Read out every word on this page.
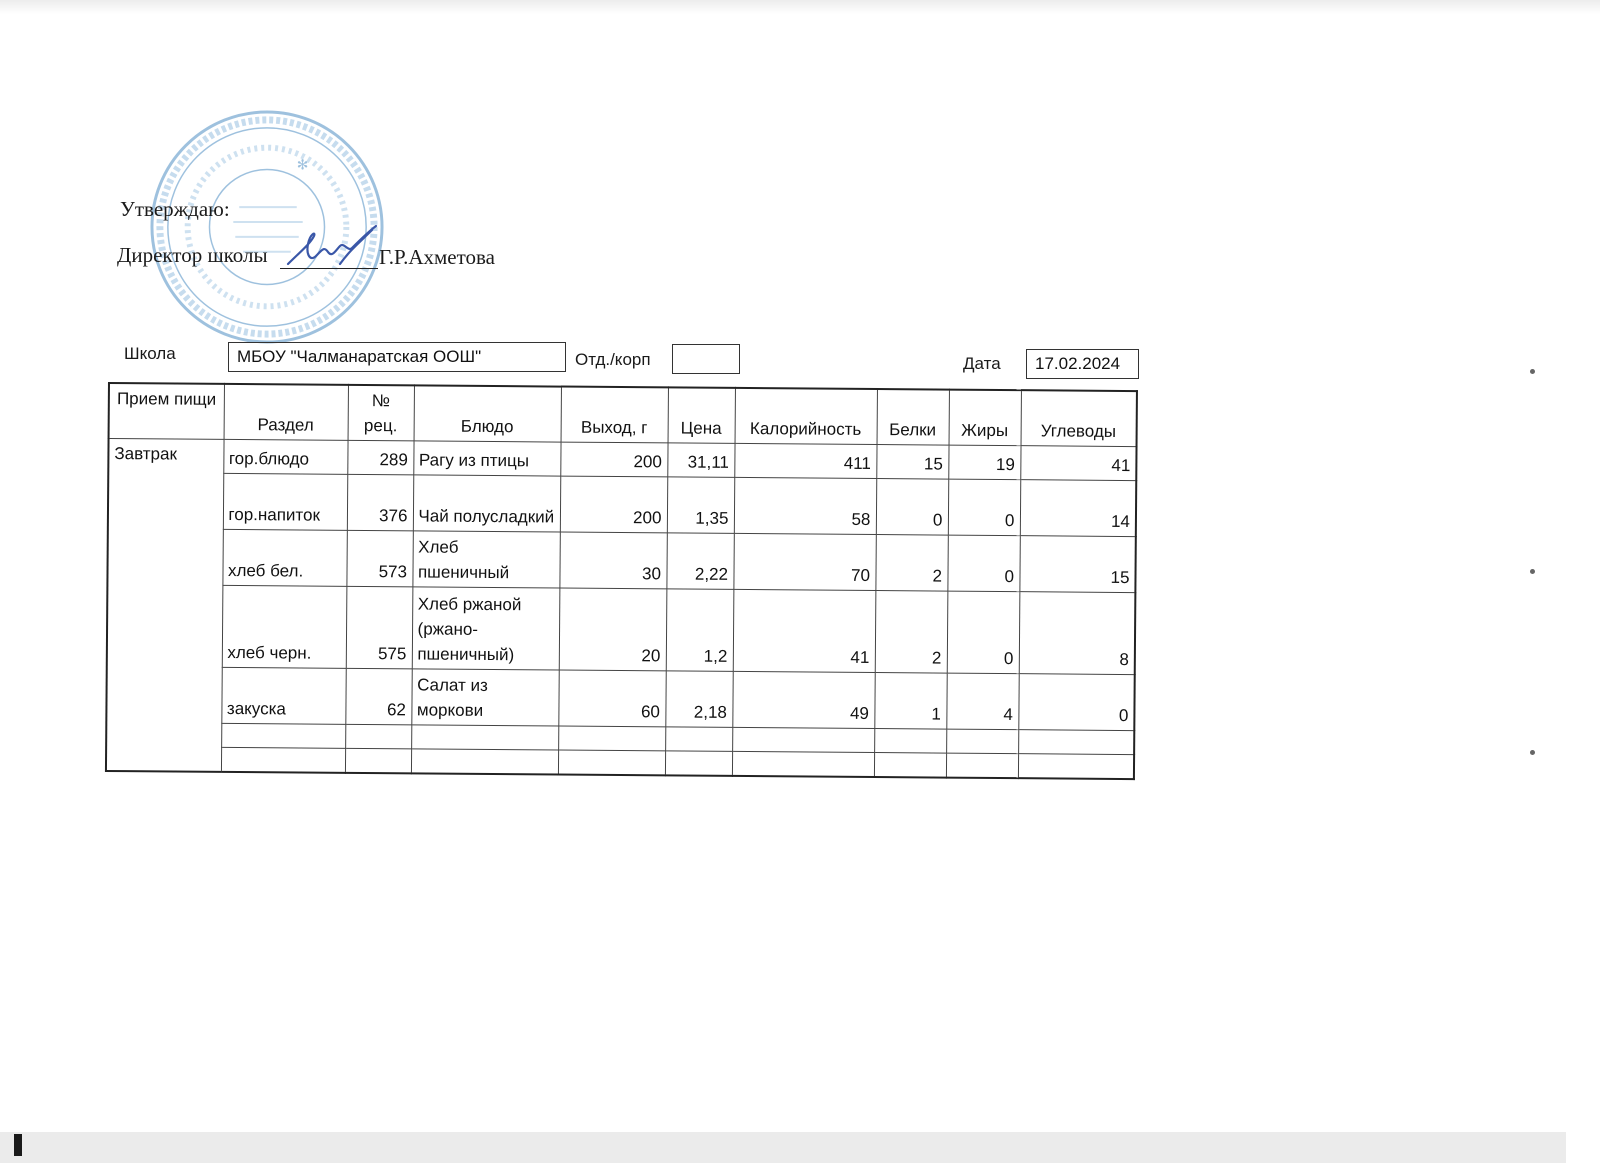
✻
Утверждаю:
Директор школы	Г.Р.Ахметова
Школа	МБОУ "Чалманаратская ООШ"	Отд./корп	Дата	17.02.2024
Прием пищи	Раздел	№ рец.	Блюдо	Выход, г	Цена	Калорийность	Белки	Жиры	Углеводы
Завтрак	гор.блюдо	289	Рагу из птицы	200	31,11	411	15	19	41
	гор.напиток	376	Чай полусладкий	200	1,35	58	0	0	14
	хлеб бел.	573	Хлеб пшеничный	30	2,22	70	2	0	15
	хлеб черн.	575	Хлеб ржаной (ржано-пшеничный)	20	1,2	41	2	0	8
	закуска	62	Салат из моркови	60	2,18	49	1	4	0
